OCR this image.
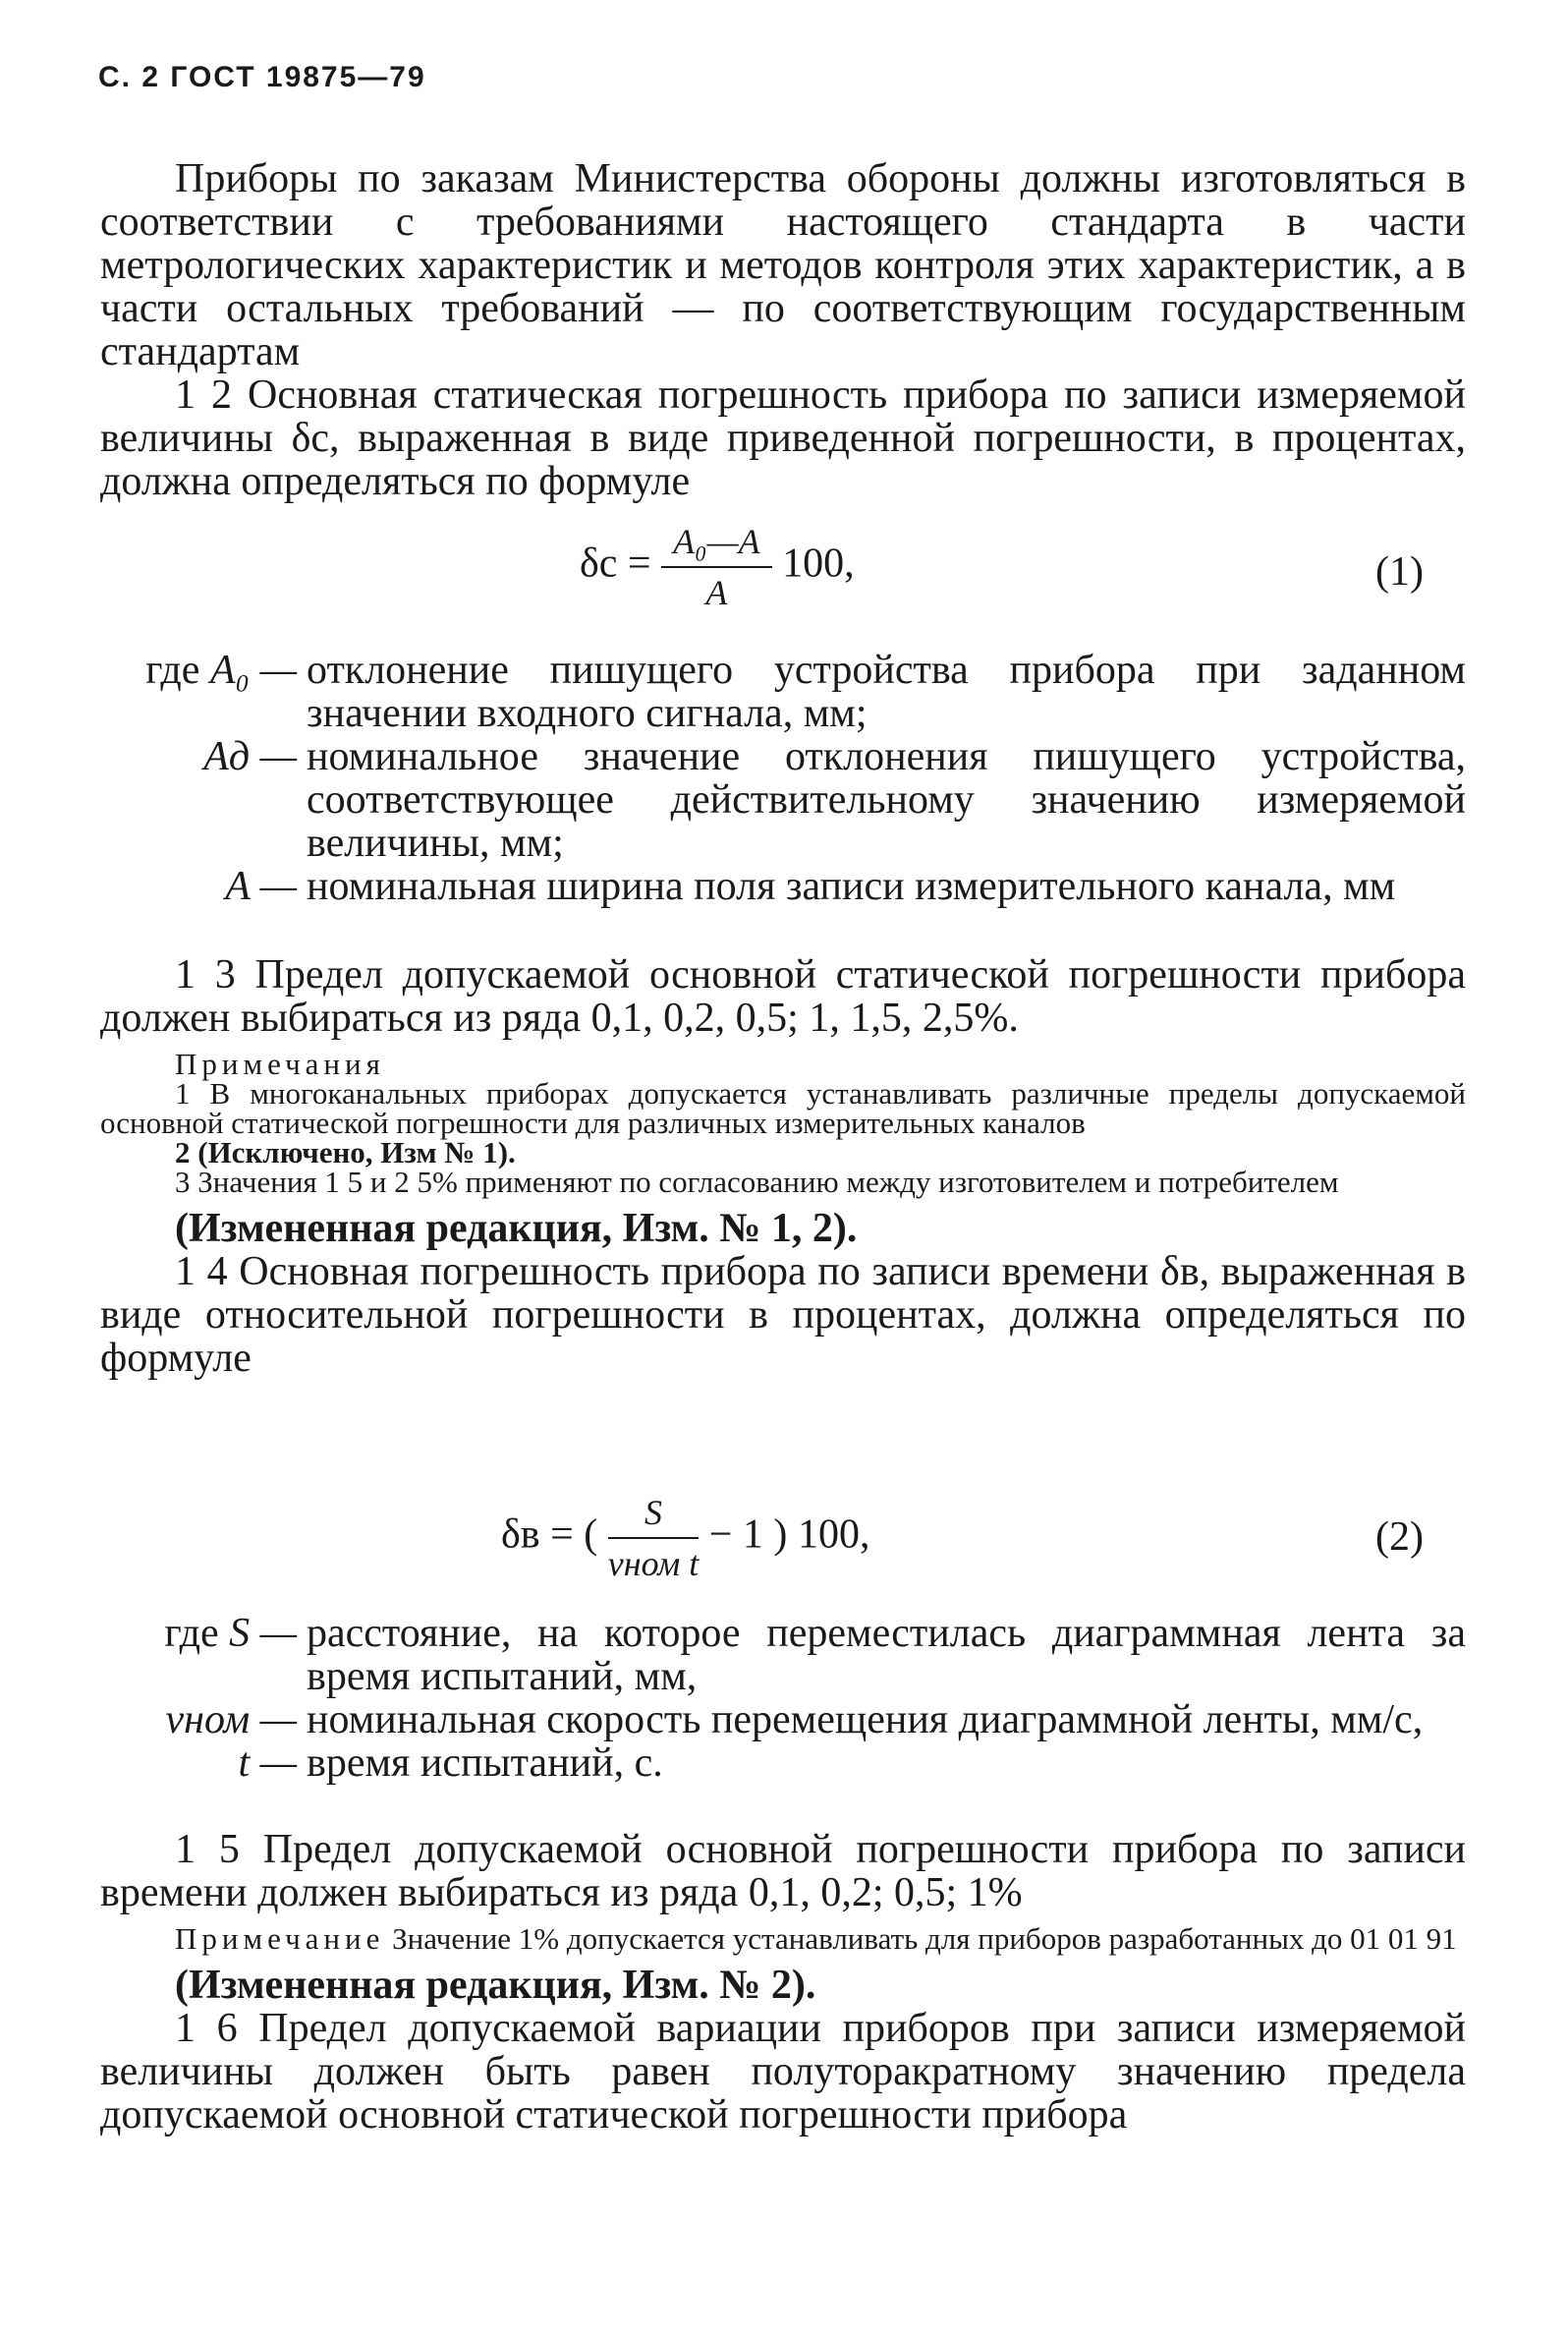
С. 2 ГОСТ 19875—79

Приборы по заказам Министерства обороны должны изготовляться в соответствии с требованиями настоящего стандарта в части метрологических характеристик и методов контроля этих характеристик, а в части остальных требований — по соответствующим государственным стандартам

1 2 Основная статическая погрешность прибора по записи измеряемой величины δc, выраженная в виде приведенной погрешности, в процентах, должна определяться по формуле

$\delta с = \frac{\text{A₀—A}}{A} 100$,	(1)
где A₀ —	отклонение пишущего устройства прибора при заданном значении входного сигнала, мм;
Aд —	номинальное значение отклонения пишущего устройства, соответствующее действительному значению измеряемой величины, мм;
A —	номинальная ширина поля записи измерительного канала, мм

1 3 Предел допускаемой основной статической погрешности прибора должен выбираться из ряда 0,1, 0,2, 0,5; 1, 1,5, 2,5%.

Примечания

1 В многоканальных приборах допускается устанавливать различные пределы допускаемой основной статической погрешности для различных измерительных каналов

2 (Исключено, Изм № 1).

3 Значения 1 5 и 2 5% применяют по согласованию между изготовителем и потребителем

(Измененная редакция, Изм. № 1, 2).

1 4 Основная погрешность прибора по записи времени δв, выраженная в виде относительной погрешности в процентах, должна определяться по формуле

δв = ( $\frac{S}{\text{vном t}} - 1$ ) 100,	(2)
где S —	расстояние, на которое переместилась диаграммная лента за время испытаний, мм,
vном —	номинальная скорость перемещения диаграммной ленты, мм/с,
t —	время испытаний, с.

1 5 Предел допускаемой основной погрешности прибора по записи времени должен выбираться из ряда 0,1, 0,2; 0,5; 1%

Примечание Значение 1% допускается устанавливать для приборов разработанных до 01 01 91

(Измененная редакция, Изм. № 2).

1 6 Предел допускаемой вариации приборов при записи измеряемой величины должен быть равен полуторакратному значению предела допускаемой основной статической погрешности прибора
